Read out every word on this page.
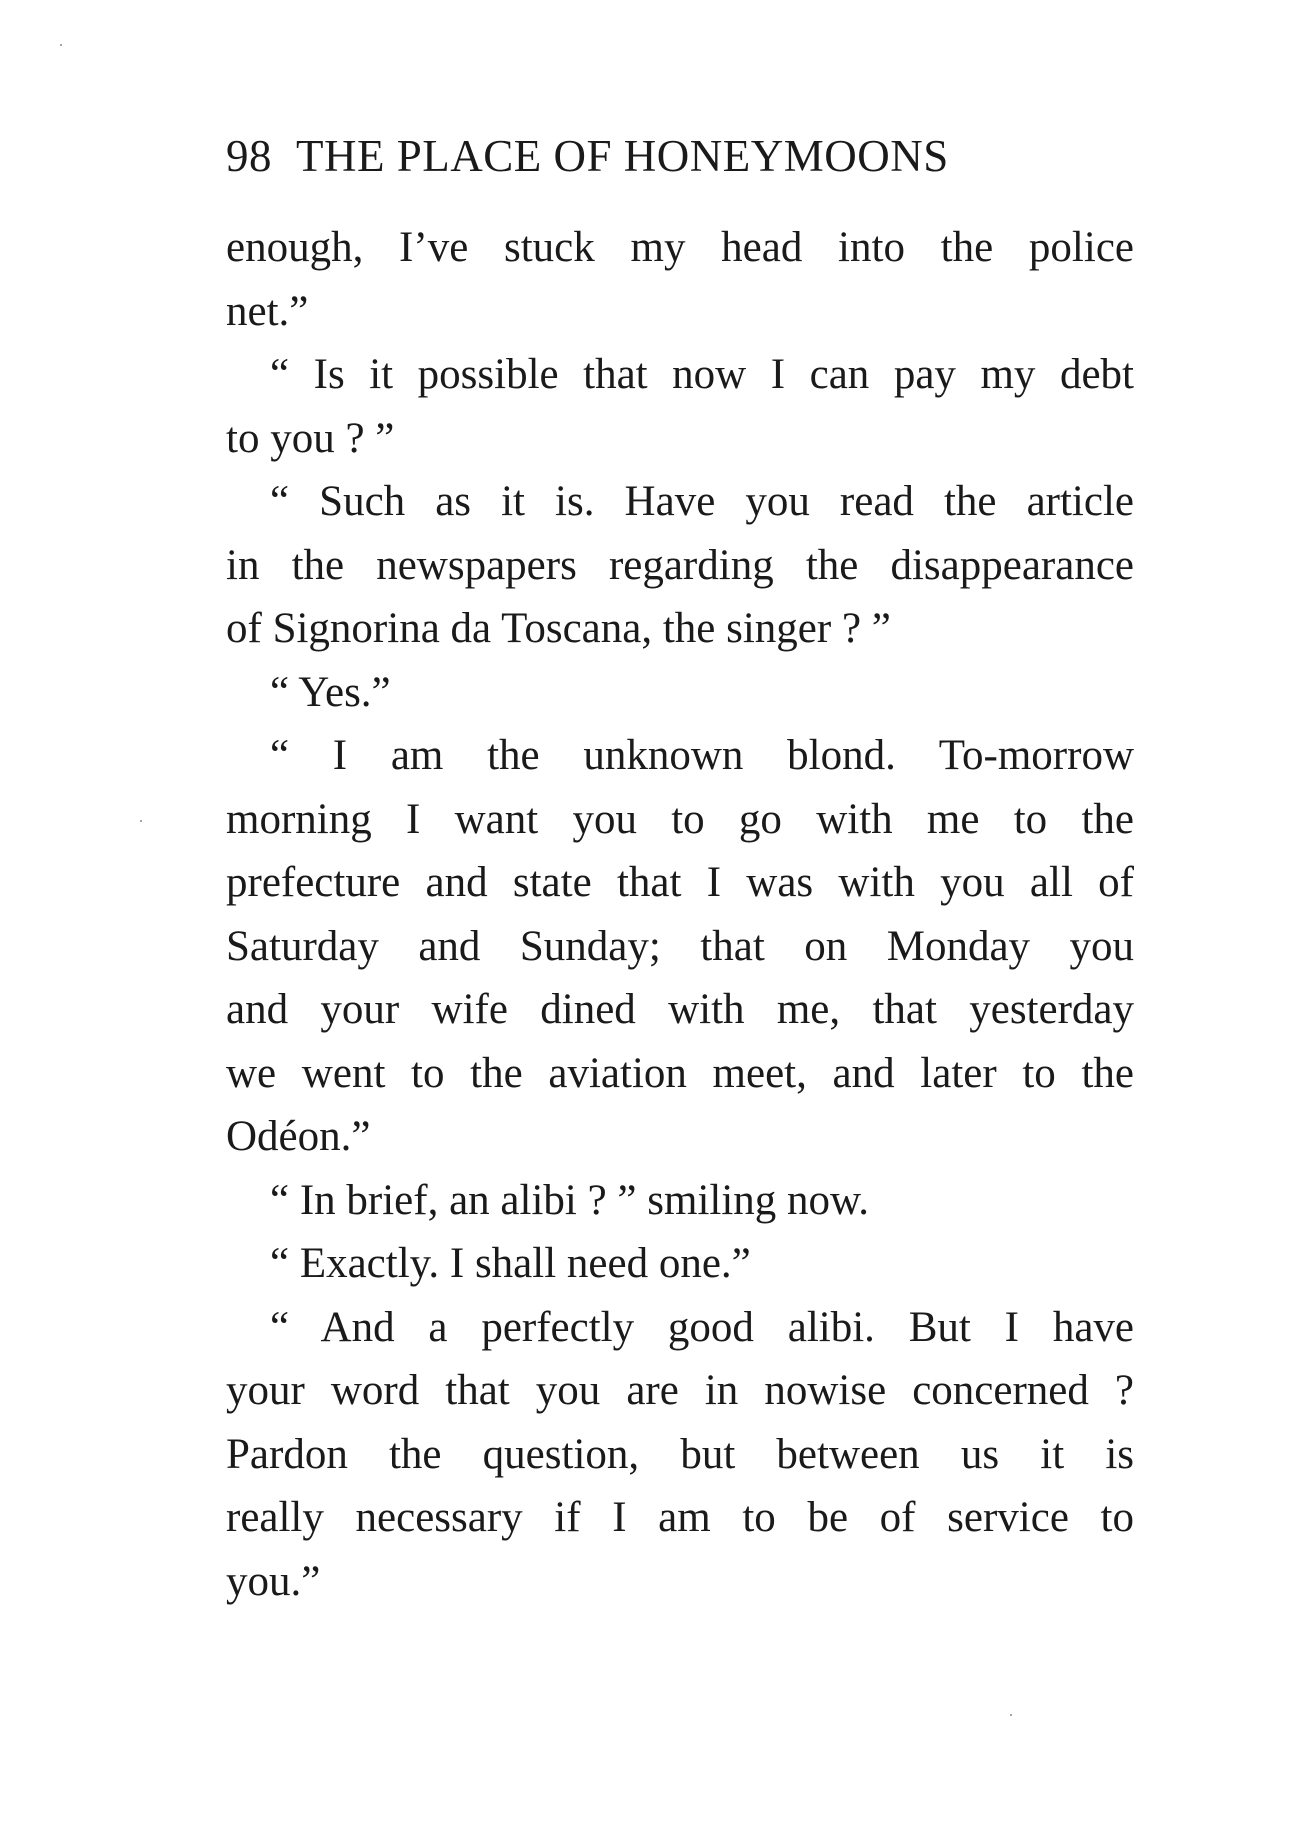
98 THE PLACE OF HONEYMOONS
enough, I’ve stuck my head into the police
net.”
“ Is it possible that now I can pay my debt
to you ? ”
“ Such as it is. Have you read the article
in the newspapers regarding the disappearance
of Signorina da Toscana, the singer ? ”
“ Yes.”
“ I am the unknown blond. To-morrow
morning I want you to go with me to the
prefecture and state that I was with you all of
Saturday and Sunday; that on Monday you
and your wife dined with me, that yesterday
we went to the aviation meet, and later to the
Odéon.”
“ In brief, an alibi ? ” smiling now.
“ Exactly. I shall need one.”
“ And a perfectly good alibi. But I have
your word that you are in nowise concerned ?
Pardon the question, but between us it is
really necessary if I am to be of service to
you.”
